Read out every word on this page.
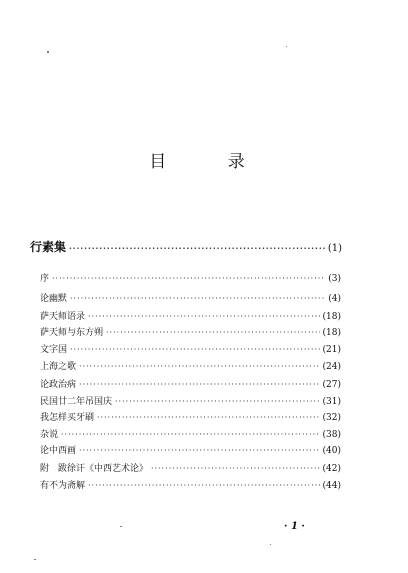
目 录
行素集 ·····	(1)
序 ·····	(3)
论幽默 ·····	(4)
萨天师语录 ·····	(18)
萨天师与东方朔 ·····	(18)
文字国 ·····	(21)
上海之歌 ·····	(24)
论政治病 ·····	(27)
民国廿二年吊国庆 ·····	(31)
我怎样买牙刷 ·····	(32)
杂说 ·····	(38)
论中西画 ·····	(40)
附　跋徐讦《中西艺术论》 ·····	(42)
有不为斋解 ·····	(44)
· 1 ·
